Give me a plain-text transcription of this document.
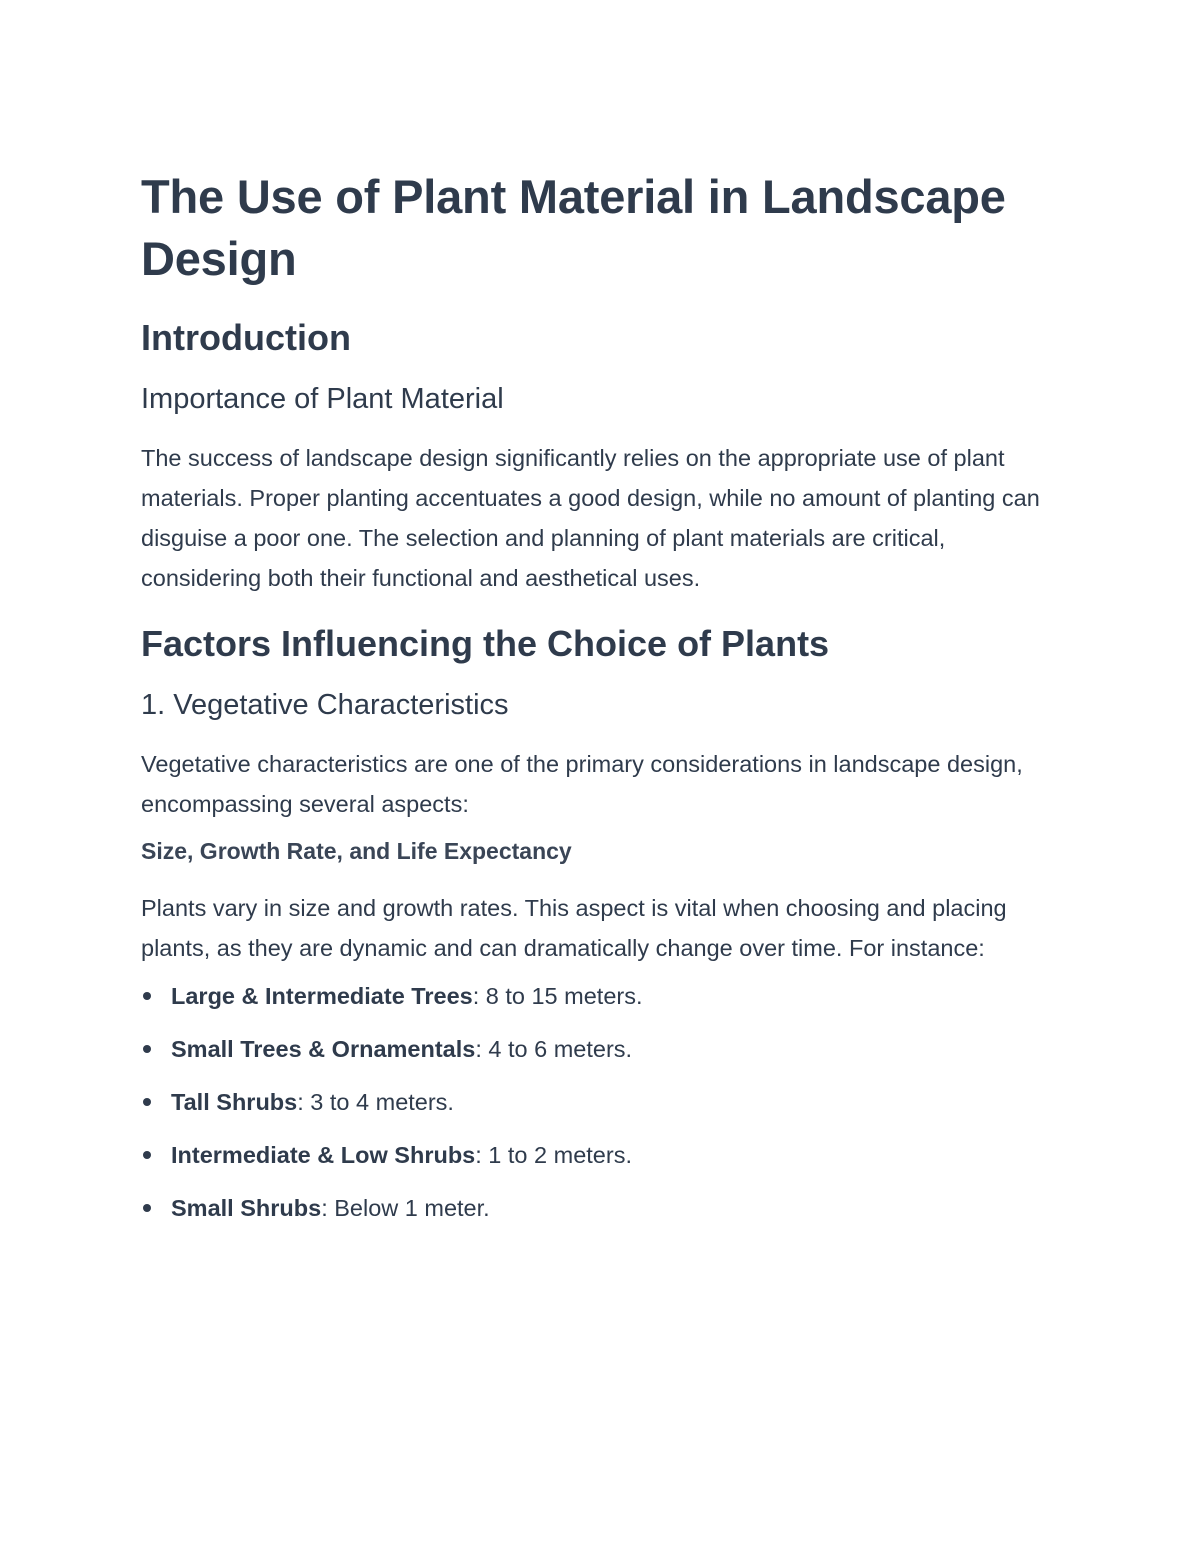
The Use of Plant Material in Landscape Design
Introduction
Importance of Plant Material

The success of landscape design significantly relies on the appropriate use of plant materials. Proper planting accentuates a good design, while no amount of planting can disguise a poor one. The selection and planning of plant materials are critical, considering both their functional and aesthetical uses.

Factors Influencing the Choice of Plants
1. Vegetative Characteristics

Vegetative characteristics are one of the primary considerations in landscape design, encompassing several aspects:

Size, Growth Rate, and Life Expectancy

Plants vary in size and growth rates. This aspect is vital when choosing and placing plants, as they are dynamic and can dramatically change over time. For instance:

Large & Intermediate Trees: 8 to 15 meters.
Small Trees & Ornamentals: 4 to 6 meters.
Tall Shrubs: 3 to 4 meters.
Intermediate & Low Shrubs: 1 to 2 meters.
Small Shrubs: Below 1 meter.
